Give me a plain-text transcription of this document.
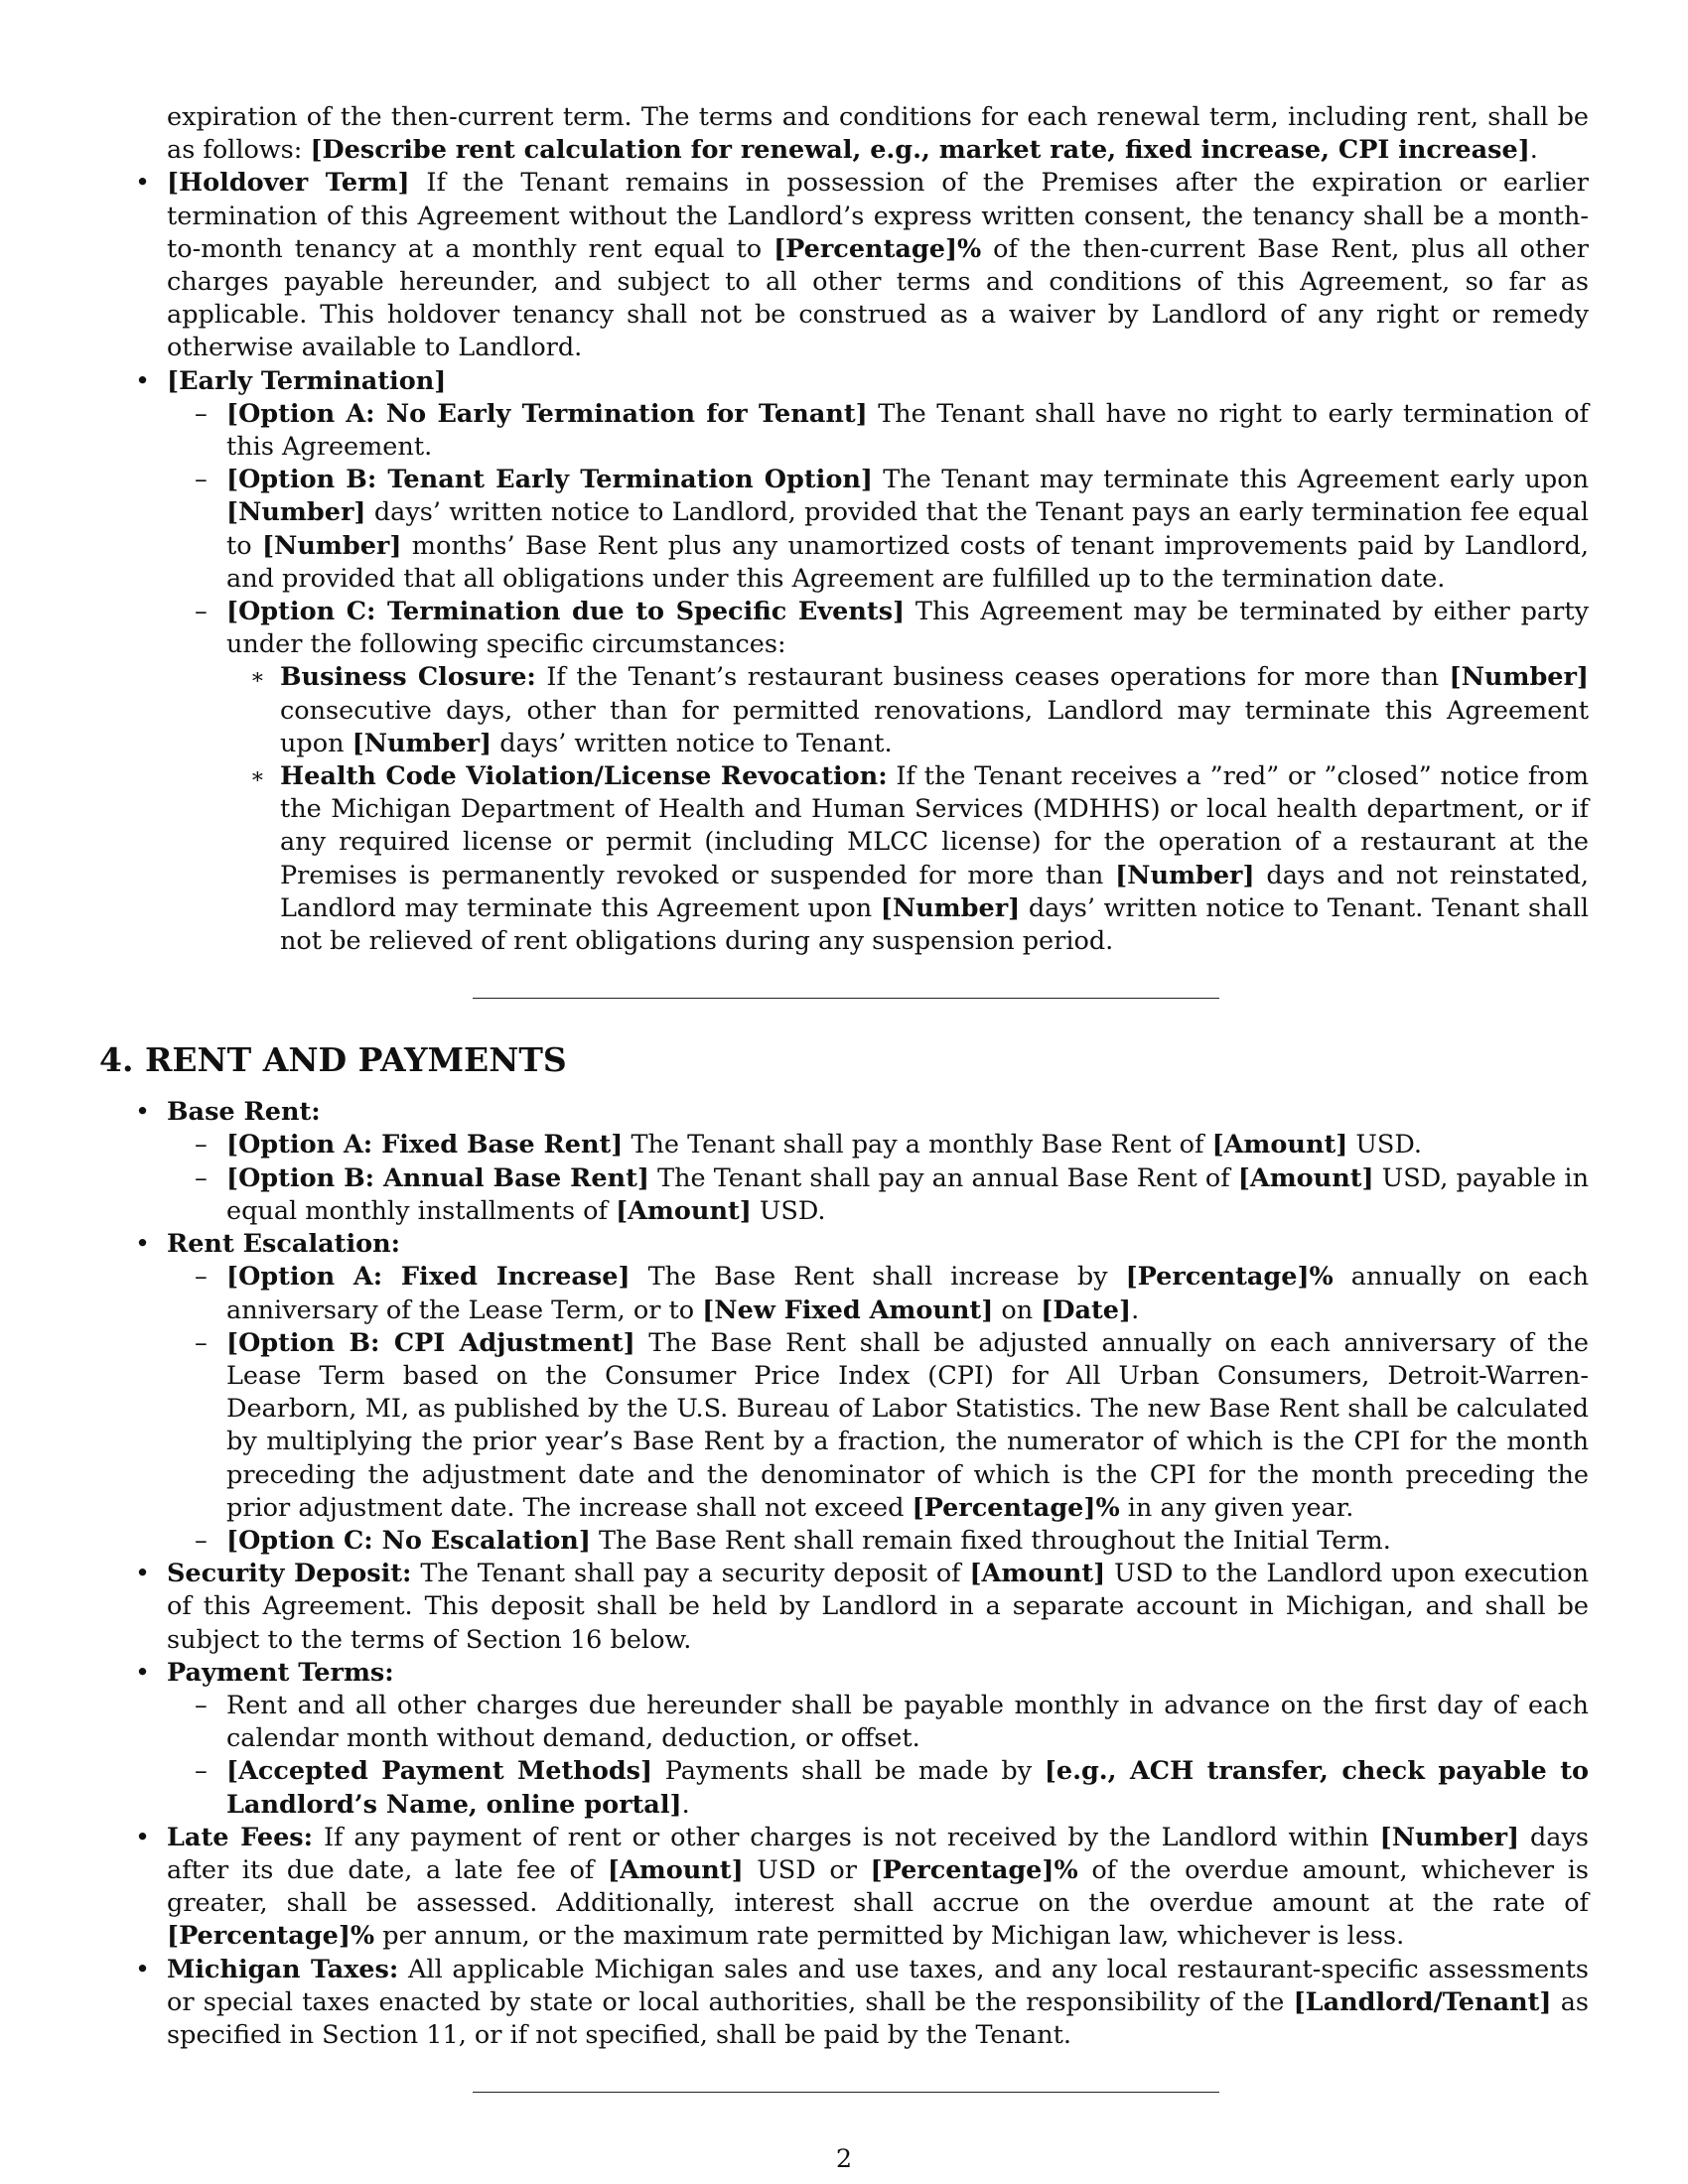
expiration of the then-current term. The terms and conditions for each renewal term, including rent, shall be as follows: [Describe rent calculation for renewal, e.g., market rate, fixed increase, CPI increase].
• [Holdover Term] If the Tenant remains in possession of the Premises after the expiration or earlier termination of this Agreement without the Landlord’s express written consent, the tenancy shall be a month-to-month tenancy at a monthly rent equal to [Percentage]% of the then-current Base Rent, plus all other charges payable hereunder, and subject to all other terms and conditions of this Agreement, so far as applicable. This holdover tenancy shall not be construed as a waiver by Landlord of any right or remedy otherwise available to Landlord.
• [Early Termination]
– [Option A: No Early Termination for Tenant] The Tenant shall have no right to early termination of this Agreement.
– [Option B: Tenant Early Termination Option] The Tenant may terminate this Agreement early upon [Number] days’ written notice to Landlord, provided that the Tenant pays an early termination fee equal to [Number] months’ Base Rent plus any unamortized costs of tenant improvements paid by Landlord, and provided that all obligations under this Agreement are fulfilled up to the termination date.
– [Option C: Termination due to Specific Events] This Agreement may be terminated by either party under the following specific circumstances:
∗ Business Closure: If the Tenant’s restaurant business ceases operations for more than [Number] consecutive days, other than for permitted renovations, Landlord may terminate this Agreement upon [Number] days’ written notice to Tenant.
∗ Health Code Violation/License Revocation: If the Tenant receives a ”red” or ”closed” notice from the Michigan Department of Health and Human Services (MDHHS) or local health department, or if any required license or permit (including MLCC license) for the operation of a restaurant at the Premises is permanently revoked or suspended for more than [Number] days and not reinstated, Landlord may terminate this Agreement upon [Number] days’ written notice to Tenant. Tenant shall not be relieved of rent obligations during any suspension period.
4. RENT AND PAYMENTS
• Base Rent:
– [Option A: Fixed Base Rent] The Tenant shall pay a monthly Base Rent of [Amount] USD.
– [Option B: Annual Base Rent] The Tenant shall pay an annual Base Rent of [Amount] USD, payable in equal monthly installments of [Amount] USD.
• Rent Escalation:
– [Option A: Fixed Increase] The Base Rent shall increase by [Percentage]% annually on each anniversary of the Lease Term, or to [New Fixed Amount] on [Date].
– [Option B: CPI Adjustment] The Base Rent shall be adjusted annually on each anniversary of the Lease Term based on the Consumer Price Index (CPI) for All Urban Consumers, Detroit-Warren-Dearborn, MI, as published by the U.S. Bureau of Labor Statistics. The new Base Rent shall be calculated by multiplying the prior year’s Base Rent by a fraction, the numerator of which is the CPI for the month preceding the adjustment date and the denominator of which is the CPI for the month preceding the prior adjustment date. The increase shall not exceed [Percentage]% in any given year.
– [Option C: No Escalation] The Base Rent shall remain fixed throughout the Initial Term.
• Security Deposit: The Tenant shall pay a security deposit of [Amount] USD to the Landlord upon execution of this Agreement. This deposit shall be held by Landlord in a separate account in Michigan, and shall be subject to the terms of Section 16 below.
• Payment Terms:
– Rent and all other charges due hereunder shall be payable monthly in advance on the first day of each calendar month without demand, deduction, or offset.
– [Accepted Payment Methods] Payments shall be made by [e.g., ACH transfer, check payable to Landlord’s Name, online portal].
• Late Fees: If any payment of rent or other charges is not received by the Landlord within [Number] days after its due date, a late fee of [Amount] USD or [Percentage]% of the overdue amount, whichever is greater, shall be assessed. Additionally, interest shall accrue on the overdue amount at the rate of [Percentage]% per annum, or the maximum rate permitted by Michigan law, whichever is less.
• Michigan Taxes: All applicable Michigan sales and use taxes, and any local restaurant-specific assessments or special taxes enacted by state or local authorities, shall be the responsibility of the [Landlord/Tenant] as specified in Section 11, or if not specified, shall be paid by the Tenant.
2
